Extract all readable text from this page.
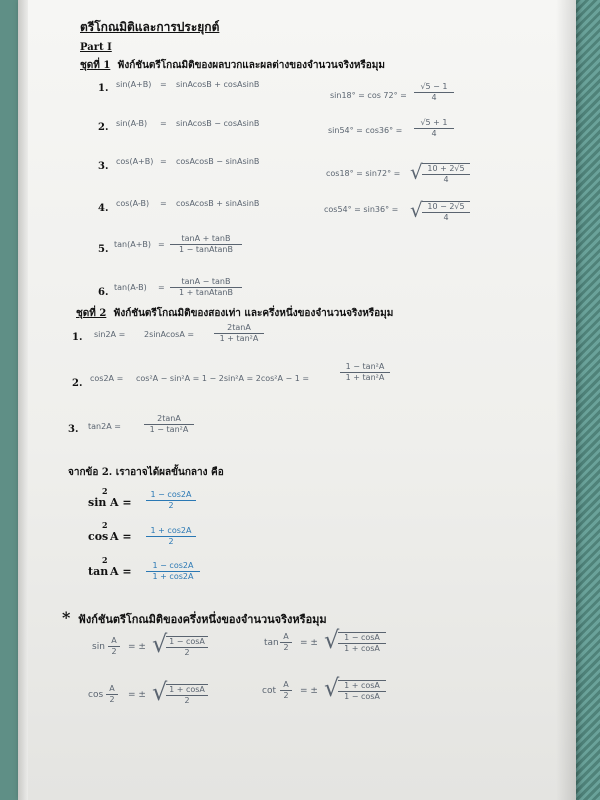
ตรีโกณมิติและการประยุกต์
Part I
ชุดที่ 1 ฟังก์ชันตรีโกณมิติของผลบวกและผลต่างของจำนวนจริงหรือมุม
1. sin(A+B) = sinAcosB + cosAsinB
2. sin(A-B) = sinAcosB − cosAsinB
3. cos(A+B) = cosAcosB − sinAsinB
4. cos(A-B) = cosAcosB + sinAsinB
5. $\tan(A+B) = \frac{\tan A + \tan B}{\text{1 − tanAtanB}}$
6. $\tan(A-B) = \frac{\tan A - \tan B}{\text{1 + tanAtanB}}$
$\sin 18^\circ = \cos 72^\circ = \frac{√5 - 1}{4}$
$\sin 54^\circ = \cos 36^\circ = \frac{√5 + 1}{4}$
cos18° = sin72° = √ $\frac{10 + 2√5}{4}$
cos54° = sin36° = √ $\frac{10 - 2√5}{4}$
ชุดที่ 2 ฟังก์ชันตรีโกณมิติของสองเท่า และครึ่งหนึ่งของจำนวนจริงหรือมุม
1. sin2A = 2sinAcosA = $\frac{2\tan A}{\text{1 + tan²A}}$
2. cos2A = cos²A − sin²A = 1 − 2sin²A = 2cos²A − 1 =	$\frac{\text{1 − tan²A}}{\text{1 + tan²A}}$
3. tan2A =	$\frac{2\tan A}{\text{1 − tan²A}}$
จากข้อ 2. เราอาจได้ผลขั้นกลาง คือ
sin
2
$A = \frac{1 - \cos 2A}{2}$
cos
2
$A = \frac{1 + \cos 2A}{2}$
tan
2
$A = \frac{1 - \cos 2A}{1 + \cos 2A}$
* ฟังก์ชันตรีโกณมิติของครึ่งหนึ่งของจำนวนจริงหรือมุม
$\sin \frac{A}{2}$ = ± √
$\frac{1 - \cos A}{2}$	$\tan \frac{A}{2}$ = ± √
$\frac{1 - \cos A}{1 + \cos A}$
$\cos \frac{A}{2}$ = ± √
$\frac{1 + \cos A}{2}$	$\cot \frac{A}{2}$ = ± √
$\frac{1 + \cos A}{1 - \cos A}$
